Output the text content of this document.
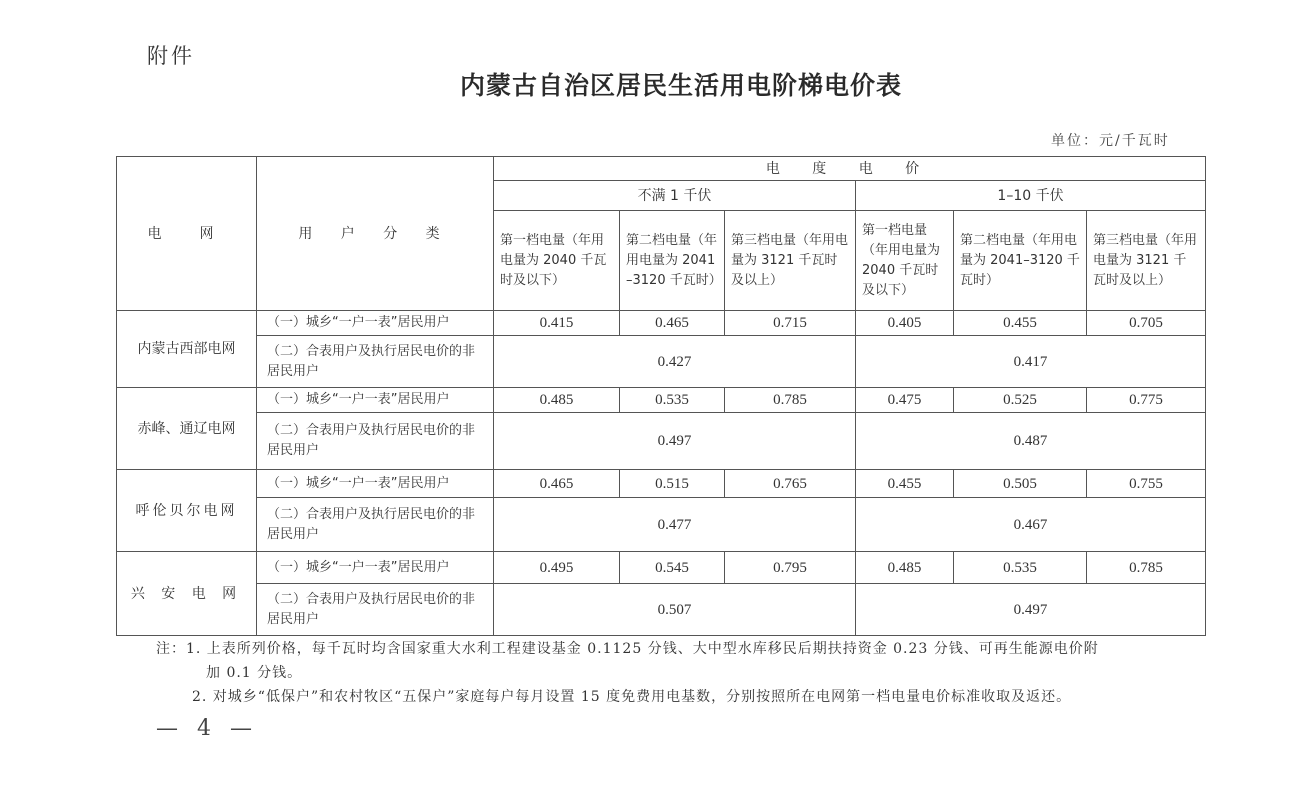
附件
内蒙古自治区居民生活用电阶梯电价表
单位：元/千瓦时
电　网	用 户 分 类	电 度 电 价					
		不满 1 千伏			1–10 千伏		
		第一档电量（年用电量为 2040 千瓦时及以下）	第二档电量（年用电量为 2041–3120 千瓦时）	第三档电量（年用电量为 3121 千瓦时及以上）	第一档电量（年用电量为 2040 千瓦时及以下）	第二档电量（年用电量为 2041–3120 千瓦时）	第三档电量（年用电量为 3121 千瓦时及以上）
内蒙古西部电网	（一）城乡“一户一表”居民用户	0.415	0.465	0.715	0.405	0.455	0.705
	（二）合表用户及执行居民电价的非居民用户	0.427			0.417		
赤峰、通辽电网	（一）城乡“一户一表”居民用户	0.485	0.535	0.785	0.475	0.525	0.775
	（二）合表用户及执行居民电价的非居民用户	0.497			0.487		
呼伦贝尔电网	（一）城乡“一户一表”居民用户	0.465	0.515	0.765	0.455	0.505	0.755
	（二）合表用户及执行居民电价的非居民用户	0.477			0.467		
兴 安 电 网	（一）城乡“一户一表”居民用户	0.495	0.545	0.795	0.485	0.535	0.785
	（二）合表用户及执行居民电价的非居民用户	0.507			0.497		
注：1. 上表所列价格，每千瓦时均含国家重大水利工程建设基金 0.1125 分钱、大中型水库移民后期扶持资金 0.23 分钱、可再生能源电价附
加 0.1 分钱。
2. 对城乡“低保户”和农村牧区“五保户”家庭每户每月设置 15 度免费用电基数，分别按照所在电网第一档电量电价标准收取及返还。
— 4 —
